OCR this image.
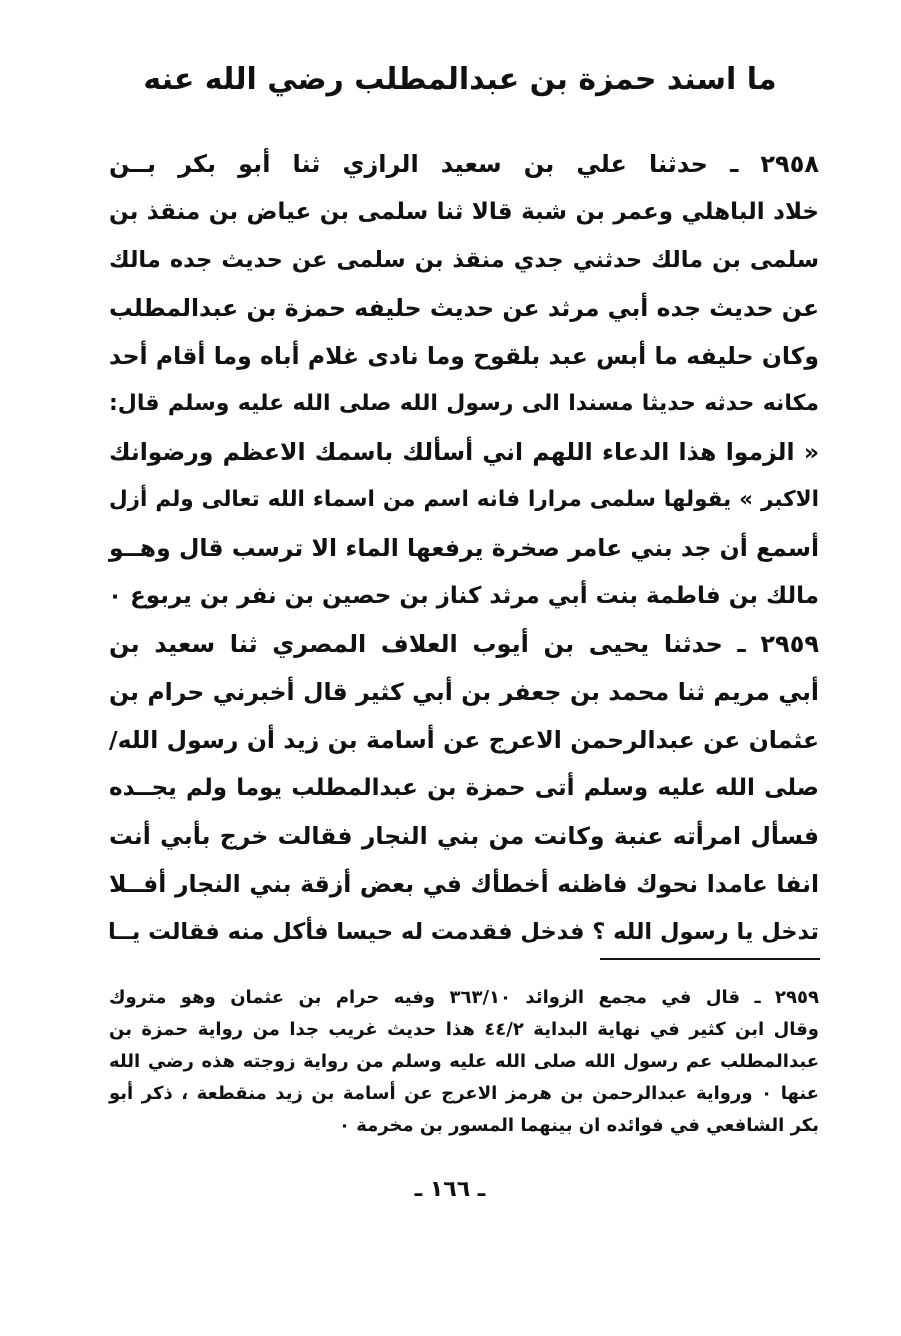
ما اسند حمزة بن عبدالمطلب رضي الله عنه
٢٩٥٨ ـ حدثنا علي بن سعيد الرازي ثنا أبو بكر بــن
خلاد الباهلي وعمر بن شبة قالا ثنا سلمى بن عياض بن منقذ بن
سلمى بن مالك حدثني جدي منقذ بن سلمى عن حديث جده مالك
عن حديث جده أبي مرثد عن حديث حليفه حمزة بن عبدالمطلب
وكان حليفه ما أبس عبد بلقوح وما نادى غلام أباه وما أقام أحد
مكانه حدثه حديثا مسندا الى رسول الله صلى الله عليه وسلم قال:
« الزموا هذا الدعاء اللهم اني أسألك باسمك الاعظم ورضوانك
الاكبر » يقولها سلمى مرارا فانه اسم من اسماء الله تعالى ولم أزل
أسمع أن جد بني عامر صخرة يرفعها الماء الا ترسب قال وهــو
مالك بن فاطمة بنت أبي مرثد كناز بن حصين بن نفر بن يربوع ٠
٢٩٥٩ ـ حدثنا يحيى بن أيوب العلاف المصري ثنا سعيد بن
أبي مريم ثنا محمد بن جعفر بن أبي كثير قال أخبرني حرام بن
عثمان عن عبدالرحمن الاعرج عن أسامة بن زيد أن رسول الله/
صلى الله عليه وسلم أتى حمزة بن عبدالمطلب يوما ولم يجــده
فسأل امرأته عنبة وكانت من بني النجار فقالت خرج بأبي أنت
انفا عامدا نحوك فاظنه أخطأك في بعض أزقة بني النجار أفــلا
تدخل يا رسول الله ؟ فدخل فقدمت له حيسا فأكل منه فقالت يــا
٢٩٥٩ ـ قال في مجمع الزوائد ٣٦٣/١٠ وفيه حرام بن عثمان وهو متروك
وقال ابن كثير في نهاية البداية ٤٤/٢ هذا حديث غريب جدا من رواية حمزة بن
عبدالمطلب عم رسول الله صلى الله عليه وسلم من رواية زوجته هذه رضي الله
عنها ٠ ورواية عبدالرحمن بن هرمز الاعرج عن أسامة بن زيد منقطعة ، ذكر أبو
بكر الشافعي في فوائده ان بينهما المسور بن مخرمة ٠
ـ ١٦٦ ـ
